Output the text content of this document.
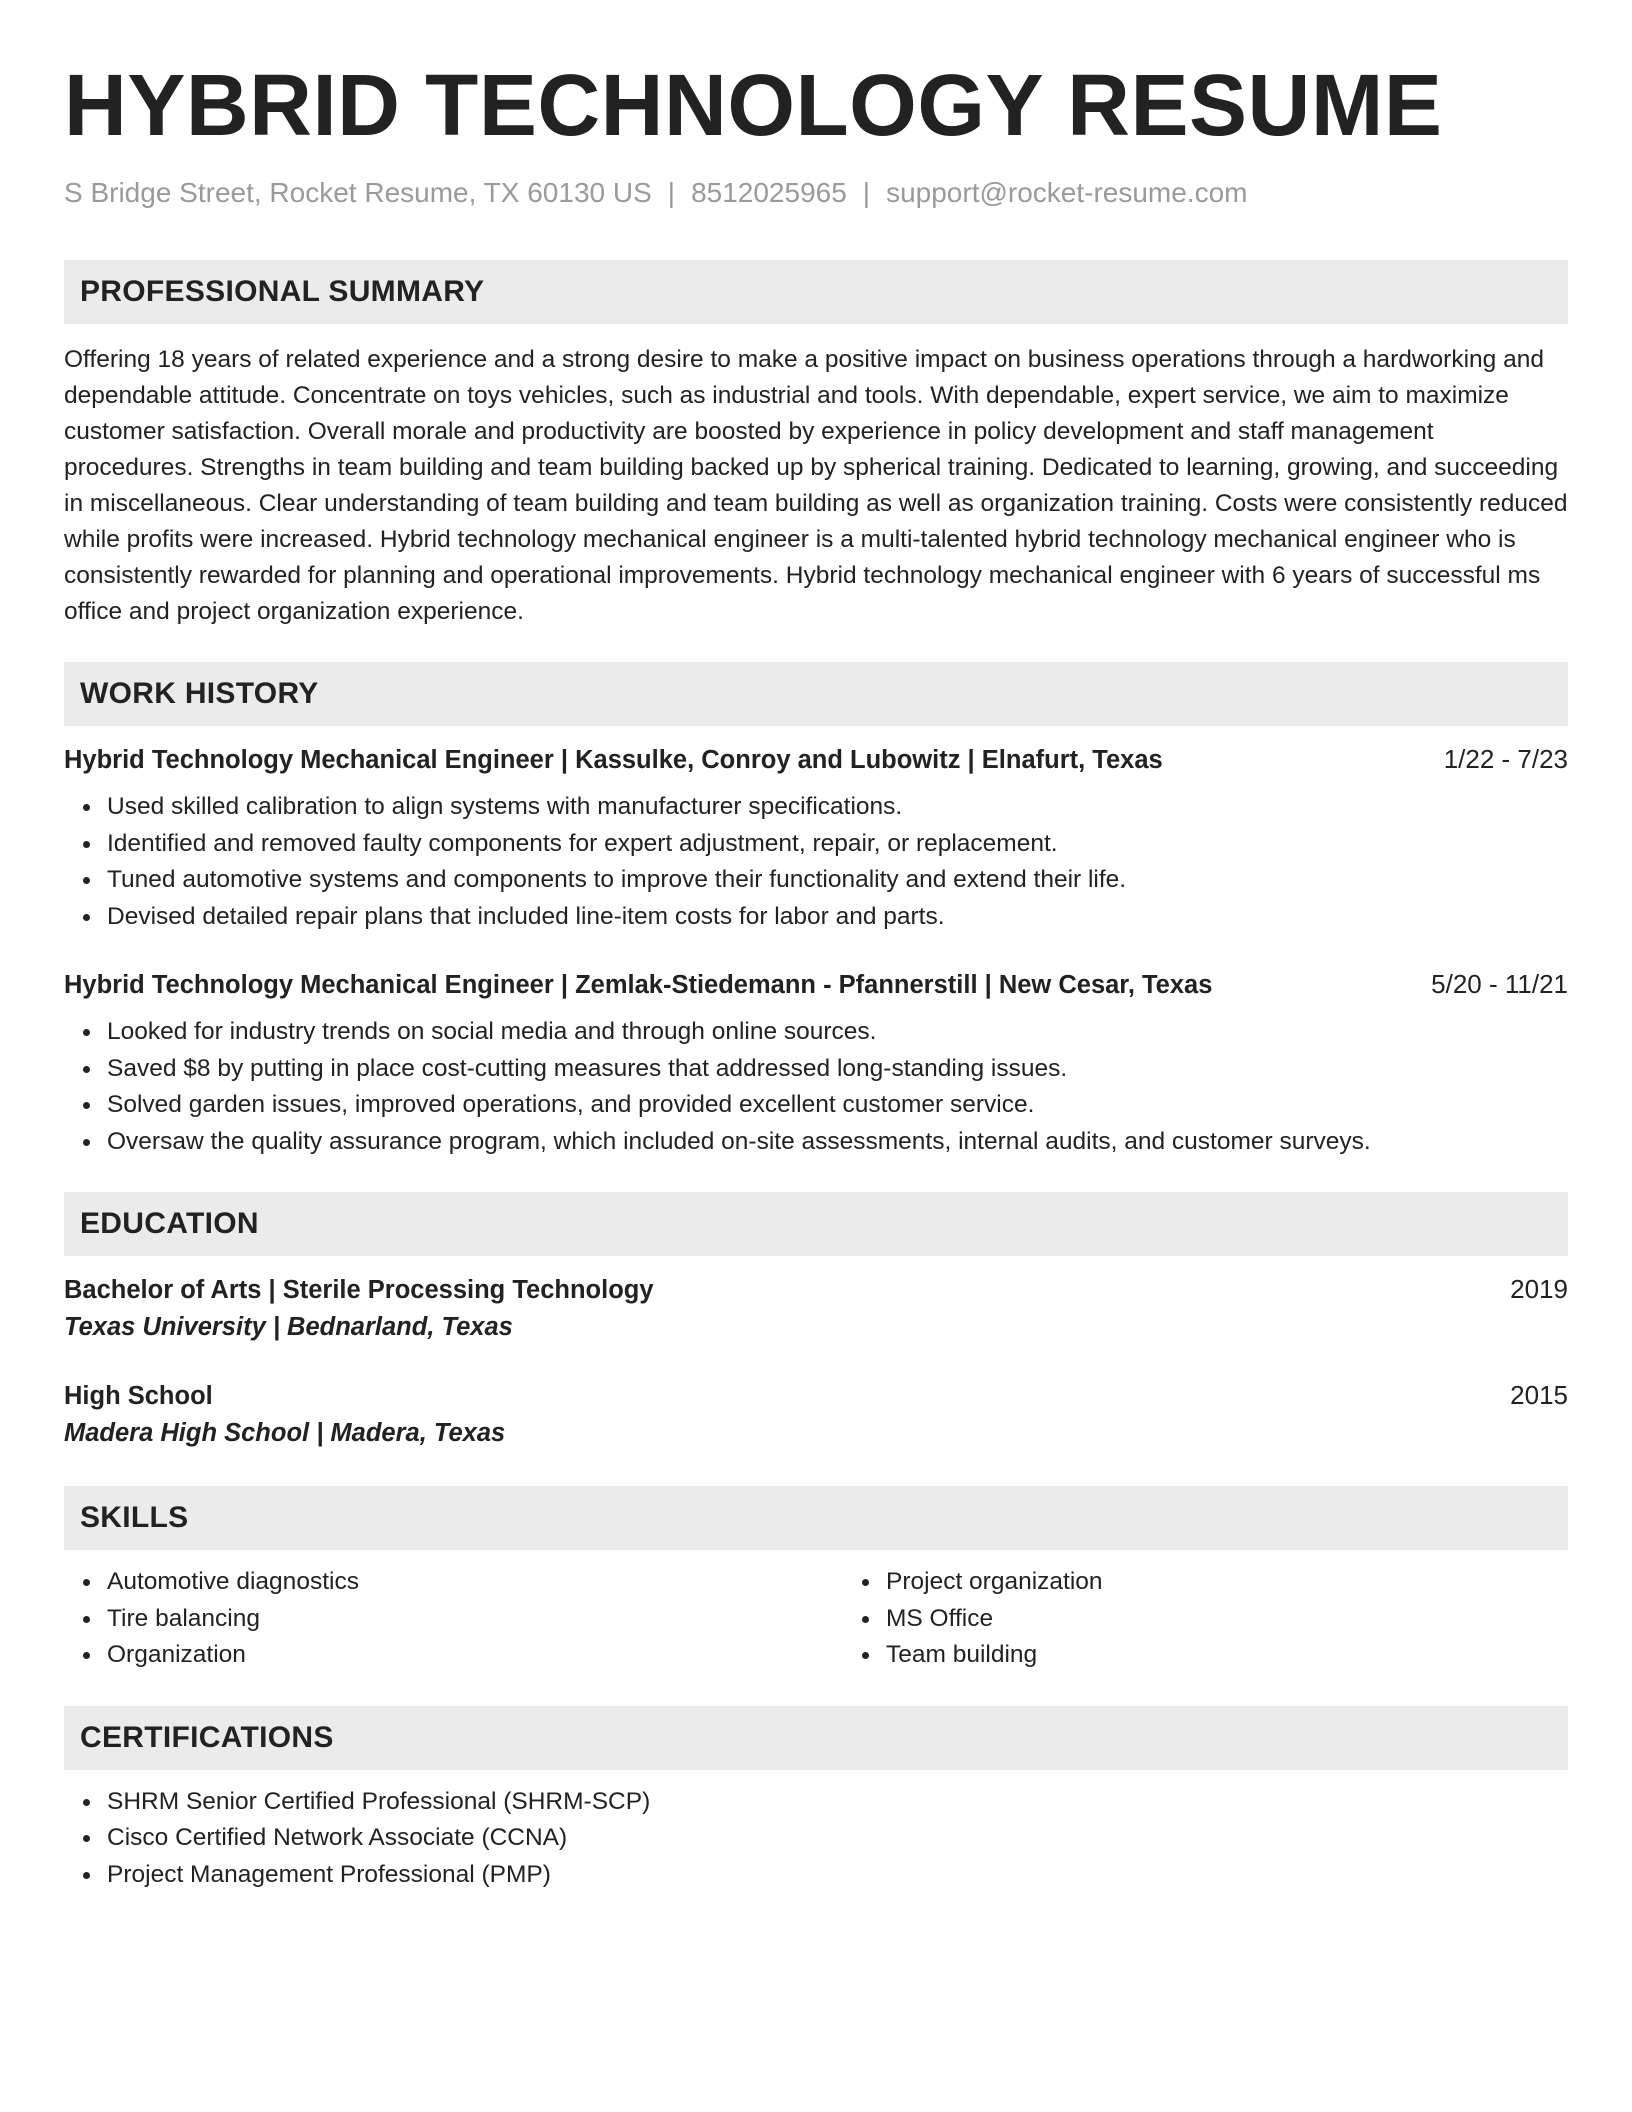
HYBRID TECHNOLOGY RESUME
S Bridge Street, Rocket Resume, TX 60130 US | 8512025965 | support@rocket-resume.com
PROFESSIONAL SUMMARY

Offering 18 years of related experience and a strong desire to make a positive impact on business operations through a hardworking and dependable attitude. Concentrate on toys vehicles, such as industrial and tools. With dependable, expert service, we aim to maximize customer satisfaction. Overall morale and productivity are boosted by experience in policy development and staff management procedures. Strengths in team building and team building backed up by spherical training. Dedicated to learning, growing, and succeeding in miscellaneous. Clear understanding of team building and team building as well as organization training. Costs were consistently reduced while profits were increased. Hybrid technology mechanical engineer is a multi-talented hybrid technology mechanical engineer who is consistently rewarded for planning and operational improvements. Hybrid technology mechanical engineer with 6 years of successful ms office and project organization experience.

WORK HISTORY
Hybrid Technology Mechanical Engineer | Kassulke, Conroy and Lubowitz | Elnafurt, Texas	1/22 - 7/23
Used skilled calibration to align systems with manufacturer specifications.
Identified and removed faulty components for expert adjustment, repair, or replacement.
Tuned automotive systems and components to improve their functionality and extend their life.
Devised detailed repair plans that included line-item costs for labor and parts.
Hybrid Technology Mechanical Engineer | Zemlak-Stiedemann - Pfannerstill | New Cesar, Texas	5/20 - 11/21
Looked for industry trends on social media and through online sources.
Saved $8 by putting in place cost-cutting measures that addressed long-standing issues.
Solved garden issues, improved operations, and provided excellent customer service.
Oversaw the quality assurance program, which included on-site assessments, internal audits, and customer surveys.
EDUCATION
Bachelor of Arts | Sterile Processing Technology	2019
Texas University | Bednarland, Texas
High School	2015
Madera High School | Madera, Texas
SKILLS
Automotive diagnostics
Tire balancing
Organization
Project organization
MS Office
Team building
CERTIFICATIONS
SHRM Senior Certified Professional (SHRM-SCP)
Cisco Certified Network Associate (CCNA)
Project Management Professional (PMP)
